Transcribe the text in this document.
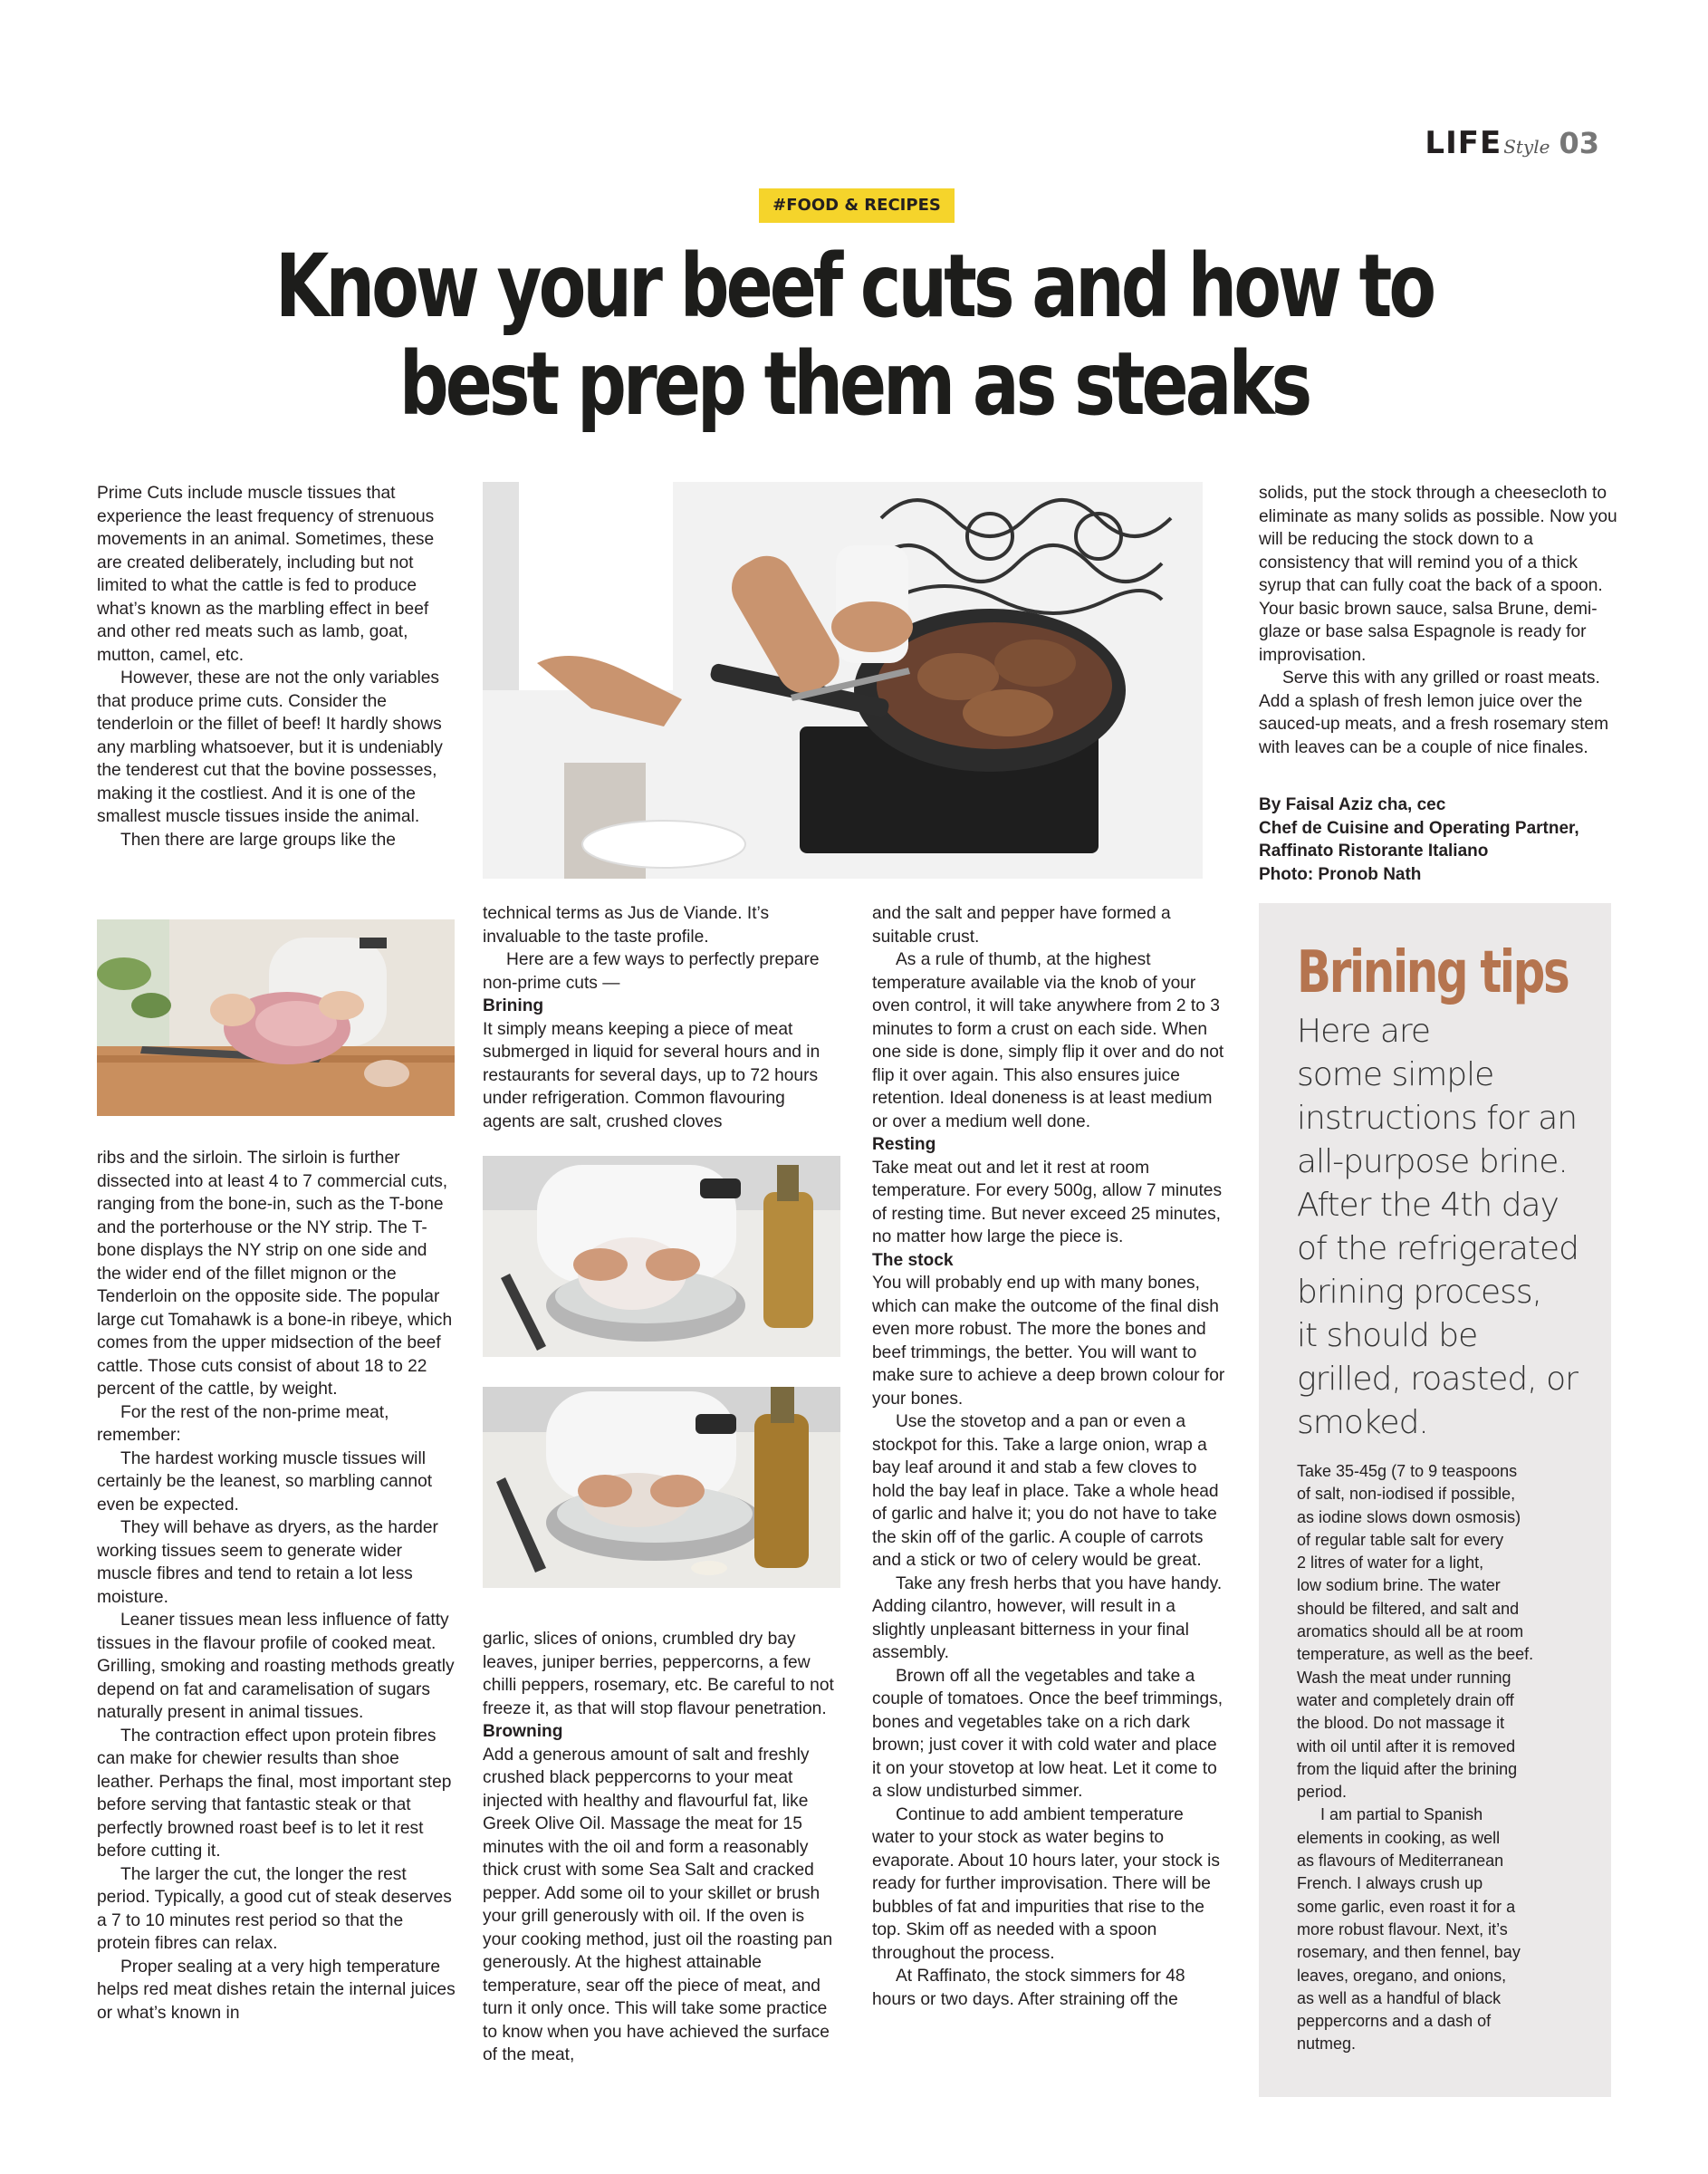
LIFE Style 03
#FOOD & RECIPES
Know your beef cuts and how to
best prep them as steaks

Prime Cuts include muscle tissues that experience the least frequency of strenuous movements in an animal. Sometimes, these are created deliberately, including but not limited to what the cattle is fed to produce what’s known as the marbling effect in beef and other red meats such as lamb, goat, mutton, camel, etc.

However, these are not the only variables that produce prime cuts. Consider the tenderloin or the fillet of beef! It hardly shows any marbling whatsoever, but it is undeniably the tenderest cut that the bovine possesses, making it the costliest. And it is one of the smallest muscle tissues inside the animal.

Then there are large groups like the

ribs and the sirloin. The sirloin is further dissected into at least 4 to 7 commercial cuts, ranging from the bone-in, such as the T-bone and the porterhouse or the NY strip. The T-bone displays the NY strip on one side and the wider end of the fillet mignon or the Tenderloin on the opposite side. The popular large cut Tomahawk is a bone-in ribeye, which comes from the upper midsection of the beef cattle. Those cuts consist of about 18 to 22 percent of the cattle, by weight.

For the rest of the non-prime meat, remember:

The hardest working muscle tissues will certainly be the leanest, so marbling cannot even be expected.

They will behave as dryers, as the harder working tissues seem to generate wider muscle fibres and tend to retain a lot less moisture.

Leaner tissues mean less influence of fatty tissues in the flavour profile of cooked meat. Grilling, smoking and roasting methods greatly depend on fat and caramelisation of sugars naturally present in animal tissues.

The contraction effect upon protein fibres can make for chewier results than shoe leather. Perhaps the final, most important step before serving that fantastic steak or that perfectly browned roast beef is to let it rest before cutting it.

The larger the cut, the longer the rest period. Typically, a good cut of steak deserves a 7 to 10 minutes rest period so that the protein fibres can relax.

Proper sealing at a very high temperature helps red meat dishes retain the internal juices or what’s known in

technical terms as Jus de Viande. It’s invaluable to the taste profile.

Here are a few ways to perfectly prepare non-prime cuts —

Brining

It simply means keeping a piece of meat submerged in liquid for several hours and in restaurants for several days, up to 72 hours under refrigeration. Common flavouring agents are salt, crushed cloves

garlic, slices of onions, crumbled dry bay leaves, juniper berries, peppercorns, a few chilli peppers, rosemary, etc. Be careful to not freeze it, as that will stop flavour penetration.

Browning

Add a generous amount of salt and freshly crushed black peppercorns to your meat injected with healthy and flavourful fat, like Greek Olive Oil. Massage the meat for 15 minutes with the oil and form a reasonably thick crust with some Sea Salt and cracked pepper. Add some oil to your skillet or brush your grill generously with oil. If the oven is your cooking method, just oil the roasting pan generously. At the highest attainable temperature, sear off the piece of meat, and turn it only once. This will take some practice to know when you have achieved the surface of the meat,

and the salt and pepper have formed a suitable crust.

As a rule of thumb, at the highest temperature available via the knob of your oven control, it will take anywhere from 2 to 3 minutes to form a crust on each side. When one side is done, simply flip it over and do not flip it over again. This also ensures juice retention. Ideal doneness is at least medium or over a medium well done.

Resting

Take meat out and let it rest at room temperature. For every 500g, allow 7 minutes of resting time. But never exceed 25 minutes, no matter how large the piece is.

The stock

You will probably end up with many bones, which can make the outcome of the final dish even more robust. The more the bones and beef trimmings, the better. You will want to make sure to achieve a deep brown colour for your bones.

Use the stovetop and a pan or even a stockpot for this. Take a large onion, wrap a bay leaf around it and stab a few cloves to hold the bay leaf in place. Take a whole head of garlic and halve it; you do not have to take the skin off of the garlic. A couple of carrots and a stick or two of celery would be great.

Take any fresh herbs that you have handy. Adding cilantro, however, will result in a slightly unpleasant bitterness in your final assembly.

Brown off all the vegetables and take a couple of tomatoes. Once the beef trimmings, bones and vegetables take on a rich dark brown; just cover it with cold water and place it on your stovetop at low heat. Let it come to a slow undisturbed simmer.

Continue to add ambient temperature water to your stock as water begins to evaporate. About 10 hours later, your stock is ready for further improvisation. There will be bubbles of fat and impurities that rise to the top. Skim off as needed with a spoon throughout the process.

At Raffinato, the stock simmers for 48 hours or two days. After straining off the

solids, put the stock through a cheesecloth to eliminate as many solids as possible. Now you will be reducing the stock down to a consistency that will remind you of a thick syrup that can fully coat the back of a spoon. Your basic brown sauce, salsa Brune, demi-glaze or base salsa Espagnole is ready for improvisation.

Serve this with any grilled or roast meats. Add a splash of fresh lemon juice over the sauced-up meats, and a fresh rosemary stem with leaves can be a couple of nice finales.

By Faisal Aziz cha, cec
Chef de Cuisine and Operating Partner,
Raffinato Ristorante Italiano
Photo: Pronob Nath
Brining tips
Here are
some simple
instructions for an
all-purpose brine.
After the 4th day
of the refrigerated
brining process,
it should be
grilled, roasted, or
smoked.
Take 35-45g (7 to 9 teaspoons
of salt, non-iodised if possible,
as iodine slows down osmosis)
of regular table salt for every
2 litres of water for a light,
low sodium brine. The water
should be filtered, and salt and
aromatics should all be at room
temperature, as well as the beef.
Wash the meat under running
water and completely drain off
the blood. Do not massage it
with oil until after it is removed
from the liquid after the brining
period.
I am partial to Spanish
elements in cooking, as well
as flavours of Mediterranean
French. I always crush up
some garlic, even roast it for a
more robust flavour. Next, it’s
rosemary, and then fennel, bay
leaves, oregano, and onions,
as well as a handful of black
peppercorns and a dash of
nutmeg.
